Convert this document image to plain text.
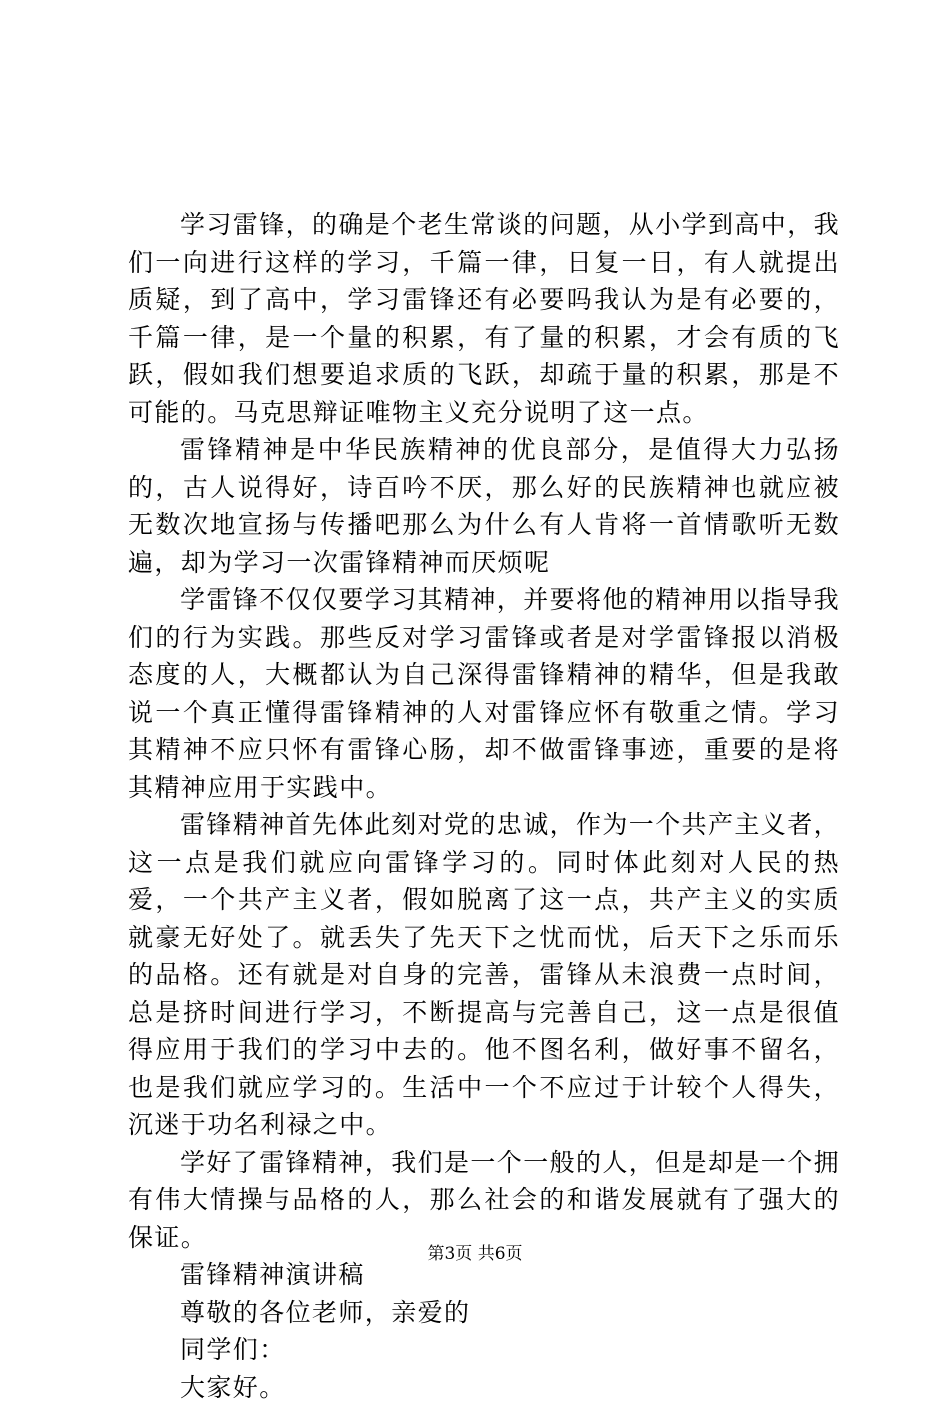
学习雷锋，的确是个老生常谈的问题，从小学到高中，我们一向进行这样的学习，千篇一律，日复一日，有人就提出质疑，到了高中，学习雷锋还有必要吗我认为是有必要的，千篇一律，是一个量的积累，有了量的积累，才会有质的飞跃，假如我们想要追求质的飞跃，却疏于量的积累，那是不可能的。马克思辩证唯物主义充分说明了这一点。

雷锋精神是中华民族精神的优良部分，是值得大力弘扬的，古人说得好，诗百吟不厌，那么好的民族精神也就应被无数次地宣扬与传播吧那么为什么有人肯将一首情歌听无数遍，却为学习一次雷锋精神而厌烦呢

学雷锋不仅仅要学习其精神，并要将他的精神用以指导我们的行为实践。那些反对学习雷锋或者是对学雷锋报以消极态度的人，大概都认为自己深得雷锋精神的精华，但是我敢说一个真正懂得雷锋精神的人对雷锋应怀有敬重之情。学习其精神不应只怀有雷锋心肠，却不做雷锋事迹，重要的是将其精神应用于实践中。

雷锋精神首先体此刻对党的忠诚，作为一个共产主义者，这一点是我们就应向雷锋学习的。同时体此刻对人民的热爱，一个共产主义者，假如脱离了这一点，共产主义的实质就豪无好处了。就丢失了先天下之忧而忧，后天下之乐而乐的品格。还有就是对自身的完善，雷锋从未浪费一点时间，总是挤时间进行学习，不断提高与完善自己，这一点是很值得应用于我们的学习中去的。他不图名利，做好事不留名，也是我们就应学习的。生活中一个不应过于计较个人得失，沉迷于功名利禄之中。

学好了雷锋精神，我们是一个一般的人，但是却是一个拥有伟大情操与品格的人，那么社会的和谐发展就有了强大的保证。

雷锋精神演讲稿

尊敬的各位老师，亲爱的

同学们：

大家好。

第3页 共6页
